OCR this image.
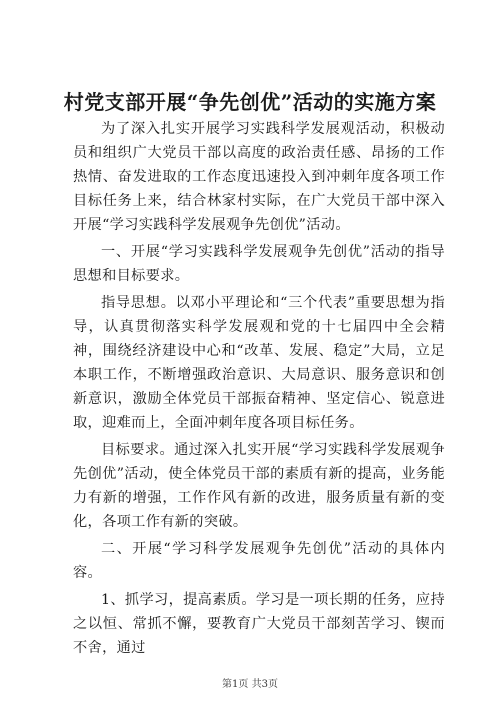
村党支部开展“争先创优”活动的实施方案

为了深入扎实开展学习实践科学发展观活动，积极动员和组织广大党员干部以高度的政治责任感、昂扬的工作热情、奋发进取的工作态度迅速投入到冲刺年度各项工作目标任务上来，结合林家村实际，在广大党员干部中深入开展“学习实践科学发展观争先创优”活动。

一、开展“学习实践科学发展观争先创优”活动的指导思想和目标要求。

指导思想。以邓小平理论和“三个代表”重要思想为指导，认真贯彻落实科学发展观和党的十七届四中全会精神，围绕经济建设中心和“改革、发展、稳定”大局，立足本职工作，不断增强政治意识、大局意识、服务意识和创新意识，激励全体党员干部振奋精神、坚定信心、锐意进取，迎难而上，全面冲刺年度各项目标任务。

目标要求。通过深入扎实开展“学习实践科学发展观争先创优”活动，使全体党员干部的素质有新的提高，业务能力有新的增强，工作作风有新的改进，服务质量有新的变化，各项工作有新的突破。

二、开展“学习科学发展观争先创优”活动的具体内容。

1、抓学习，提高素质。学习是一项长期的任务，应持之以恒、常抓不懈，要教育广大党员干部刻苦学习、锲而不舍，通过

第1页 共3页
